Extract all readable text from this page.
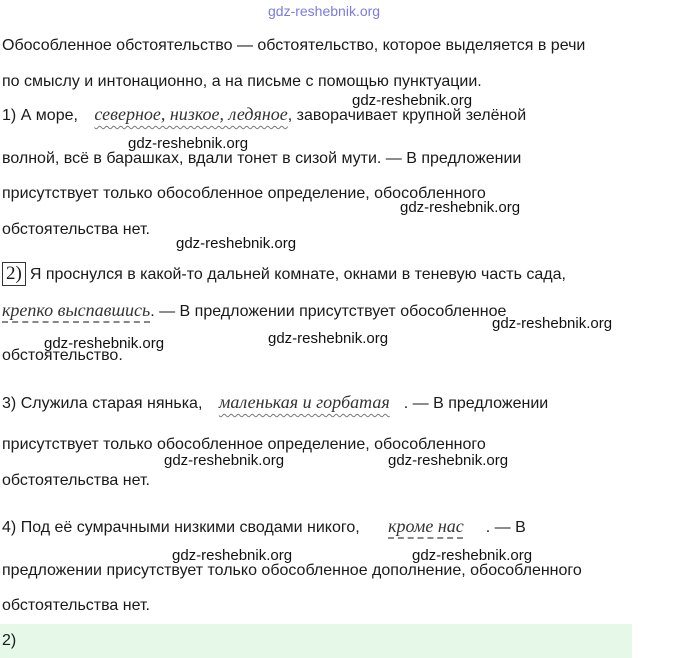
gdz-reshebnik.org
Обособленное обстоятельство — обстоятельство, которое выделяется в речи
по смыслу и интонационно, а на письме с помощью пунктуации.
1) А море, северное, низкое, ледяное, заворачивает крупной зелёной
волной, всё в барашках, вдали тонет в сизой мути. — В предложении
присутствует только обособленное определение, обособленного
обстоятельства нет.
2) Я проснулся в какой-то дальней комнате, окнами в теневую часть сада,
крепко выспавшись. — В предложении присутствует обособленное
обстоятельство.
3) Служила старая нянька, маленькая и горбатая . — В предложении
присутствует только обособленное определение, обособленного
обстоятельства нет.
4) Под её сумрачными низкими сводами никого, кроме нас . — В
предложении присутствует только обособленное дополнение, обособленного
обстоятельства нет.
2)
gdz-reshebnik.org
gdz-reshebnik.org
gdz-reshebnik.org
gdz-reshebnik.org
gdz-reshebnik.org
gdz-reshebnik.org	gdz-reshebnik.org
gdz-reshebnik.org	gdz-reshebnik.org
gdz-reshebnik.org	gdz-reshebnik.org
